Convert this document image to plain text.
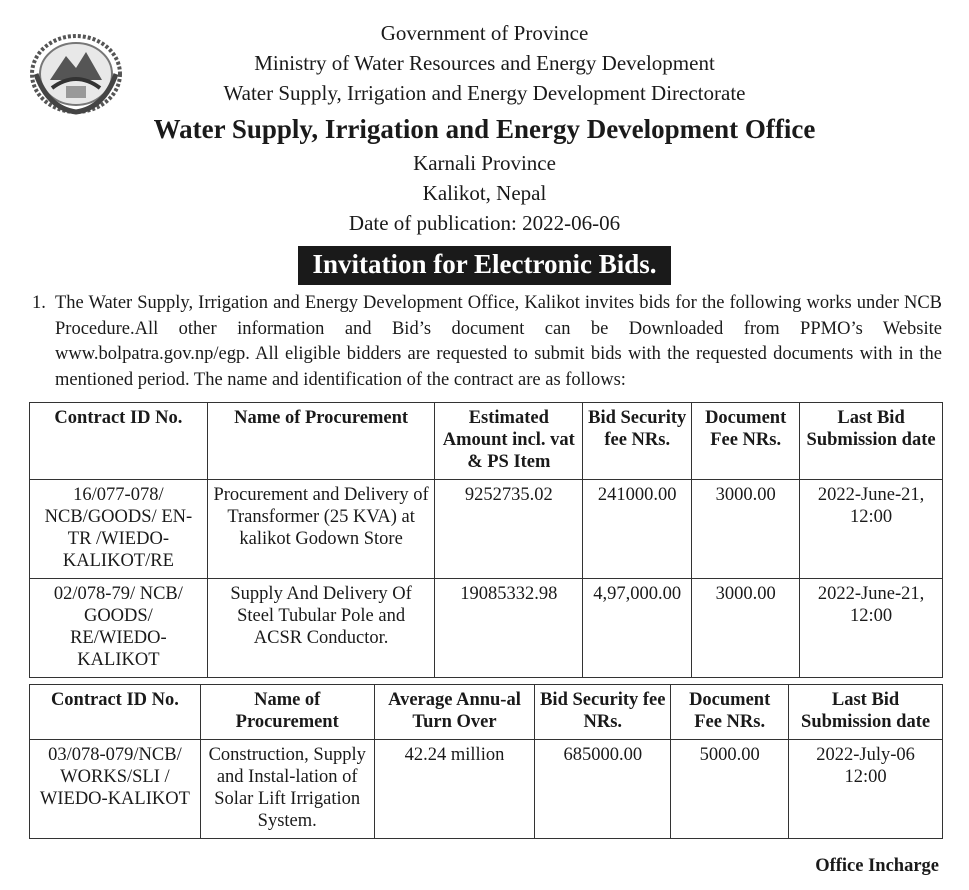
Government of Province
Ministry of Water Resources and Energy Development
Water Supply, Irrigation and Energy Development Directorate
Water Supply, Irrigation and Energy Development Office
Karnali Province
Kalikot, Nepal
Date of publication: 2022-06-06
Invitation for Electronic Bids.
1. The Water Supply, Irrigation and Energy Development Office, Kalikot invites bids for the following works under NCB Procedure.All other information and Bid’s document can be Downloaded from PPMO’s Website www.bolpatra.gov.np/egp. All eligible bidders are requested to submit bids with the requested documents with in the mentioned period. The name and identification of the contract are as follows:
Contract ID No.	Name of Procurement	Estimated Amount incl. vat & PS Item	Bid Security fee NRs.	Document Fee NRs.	Last Bid Submission date
16/077-078/ NCB/GOODS/ EN-TR /WIEDO-KALIKOT/RE	Procurement and Delivery of Transformer (25 KVA) at kalikot Godown Store	9252735.02	241000.00	3000.00	2022-June-21, 12:00
02/078-79/ NCB/ GOODS/ RE/WIEDO-KALIKOT	Supply And Delivery Of Steel Tubular Pole and ACSR Conductor.	19085332.98	4,97,000.00	3000.00	2022-June-21, 12:00
Contract ID No.	Name of Procurement	Average Annu-al Turn Over	Bid Security fee NRs.	Document Fee NRs.	Last Bid Submission date
03/078-079/NCB/ WORKS/SLI / WIEDO-KALIKOT	Construction, Supply and Instal-lation of Solar Lift Irrigation System.	42.24 million	685000.00	5000.00	2022-July-06 12:00
Office Incharge
